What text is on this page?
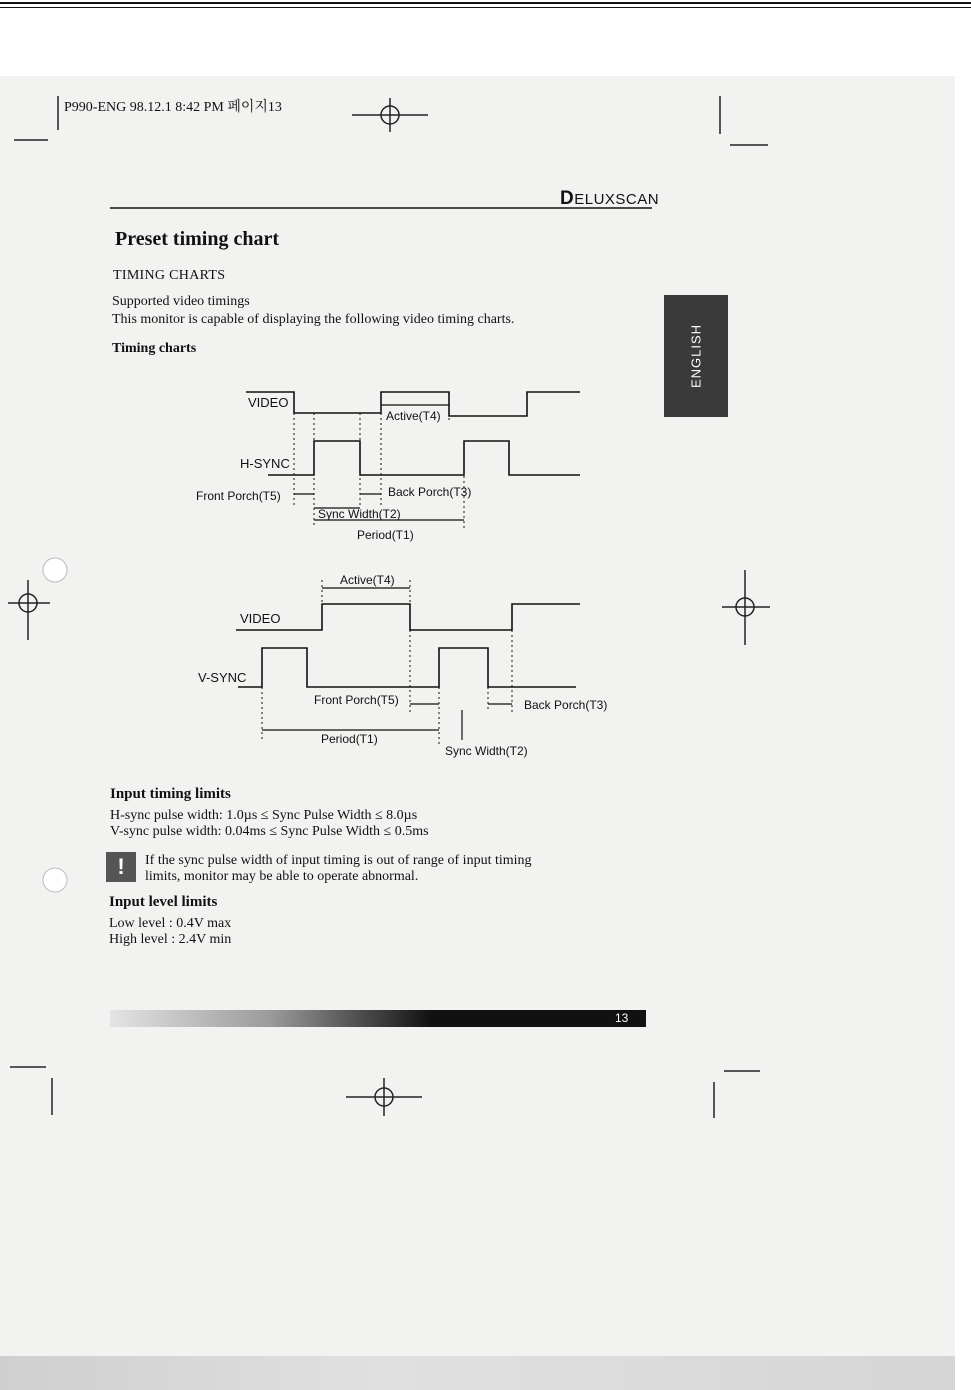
P990-ENG 98.12.1 8:42 PM 페이지13
DELUXSCAN
Preset timing chart
TIMING CHARTS
Supported video timings
This monitor is capable of displaying the following video timing charts.
Timing charts	ENGLISH
VIDEO
Active(T4)
H-SYNC
Front Porch(T5)	Back Porch(T3)
Sync Width(T2)
Period(T1)
Active(T4)
VIDEO
V-SYNC
Front Porch(T5)	Back Porch(T3)
Period(T1)
Sync Width(T2)
Input timing limits
H-sync pulse width: 1.0µs ≤ Sync Pulse Width ≤ 8.0µs
V-sync pulse width: 0.04ms ≤ Sync Pulse Width ≤ 0.5ms
!	If the sync pulse width of input timing is out of range of input timing
limits, monitor may be able to operate abnormal.
Input level limits
Low level : 0.4V max
High level : 2.4V min
13
